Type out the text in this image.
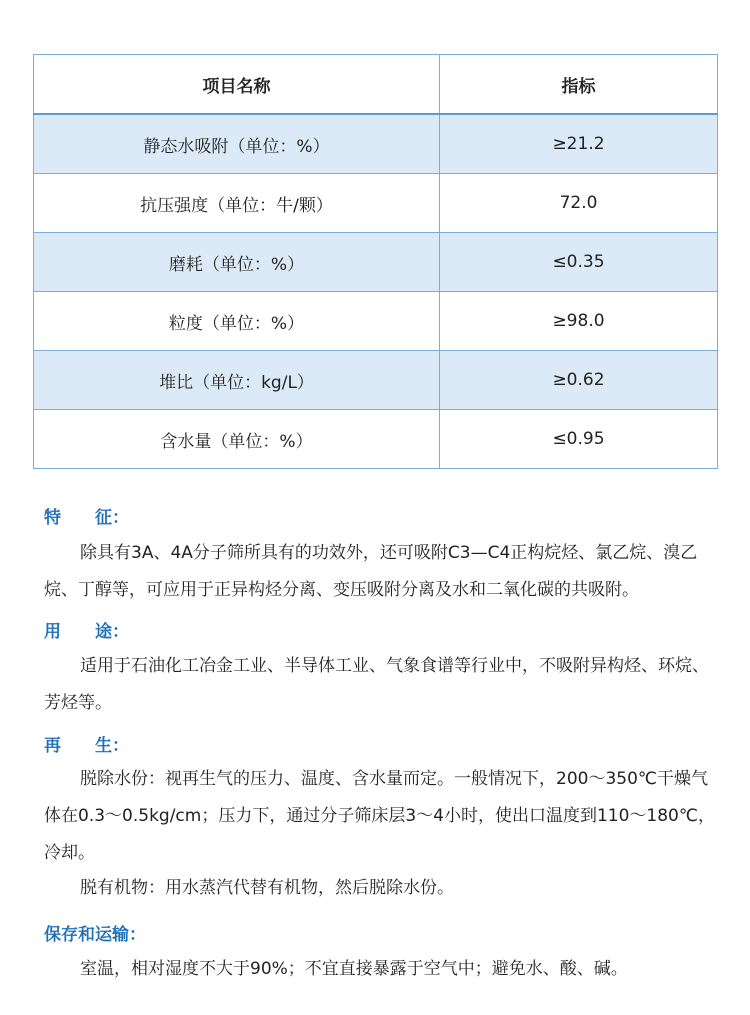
项目名称	指标
静态水吸附（单位：%）	≥21.2
抗压强度（单位：牛/颗）	72.0
磨耗（单位：%）	≤0.35
粒度（单位：%）	≥98.0
堆比（单位：kg/L）	≥0.62
含水量（单位：%）	≤0.95
特　　征：

除具有3A、4A分子筛所具有的功效外，还可吸附C3—C4正构烷烃、氯乙烷、溴乙烷、丁醇等，可应用于正异构烃分离、变压吸附分离及水和二氧化碳的共吸附。

用　　途：

适用于石油化工冶金工业、半导体工业、气象食谱等行业中，不吸附异构烃、环烷、芳烃等。

再　　生：

脱除水份：视再生气的压力、温度、含水量而定。一般情况下，200～350℃干燥气体在0.3～0.5kg/cm；压力下，通过分子筛床层3～4小时，使出口温度到110～180℃，冷却。

脱有机物：用水蒸汽代替有机物，然后脱除水份。

保存和运输：

室温，相对湿度不大于90%；不宜直接暴露于空气中；避免水、酸、碱。
